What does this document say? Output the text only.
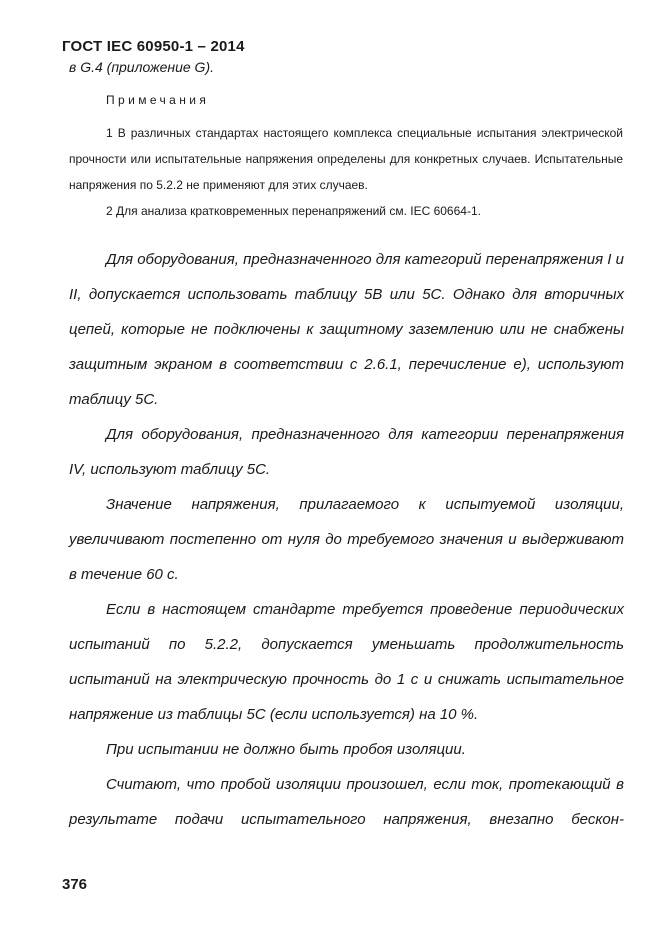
ГОСТ IEC 60950-1 – 2014
в G.4 (приложение G).
Примечания

1 В различных стандартах настоящего комплекса специальные испытания электрической прочности или испытательные напряжения определены для конкретных случаев. Испытательные напряжения по 5.2.2 не применяют для этих случаев.

2 Для анализа кратковременных перенапряжений см. IEC 60664-1.

Для оборудования, предназначенного для категорий перенапряжения I и II, допускается использовать таблицу 5B или 5C. Однако для вторичных цепей, которые не подключены к защитному заземлению или не снабжены защитным экраном в соответствии с 2.6.1, перечисление е), используют таблицу 5C.

Для оборудования, предназначенного для категории перенапряжения IV, используют таблицу 5C.

Значение напряжения, прилагаемого к испытуемой изоляции, увеличивают постепенно от нуля до требуемого значения и выдерживают в течение 60 с.

Если в настоящем стандарте требуется проведение периодических испытаний по 5.2.2, допускается уменьшать продолжительность испытаний на электрическую прочность до 1 с и снижать испытательное напряжение из таблицы 5C (если используется) на 10 %.

При испытании не должно быть пробоя изоляции.

Считают, что пробой изоляции произошел, если ток, протекающий в результате подачи испытательного напряжения, внезапно бескон-

376
